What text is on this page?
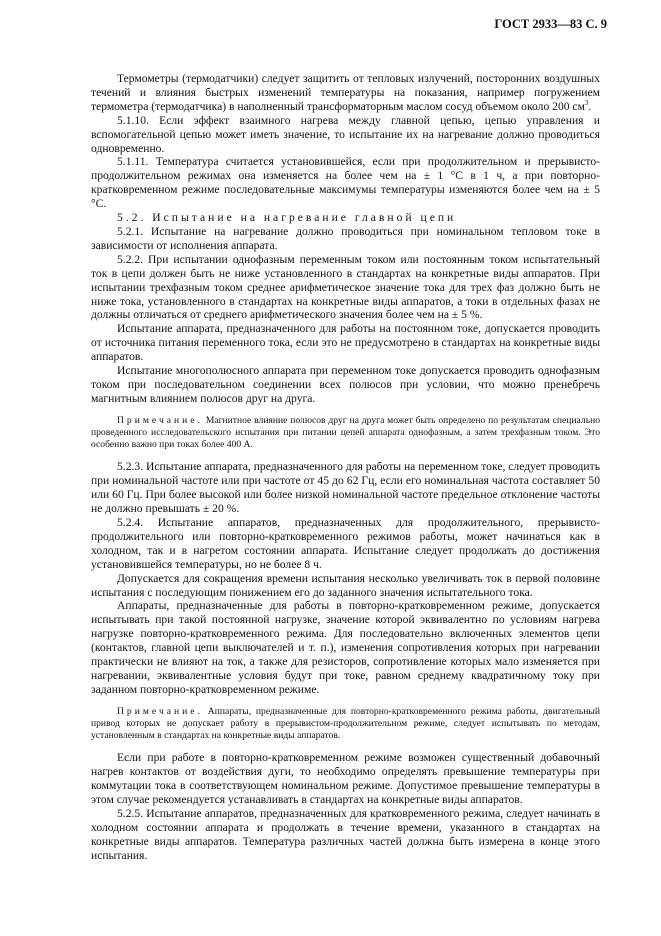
ГОСТ 2933—83 С. 9

Термометры (термодатчики) следует защитить от тепловых излучений, посторонних воздушных течений и влияния быстрых изменений температуры на показания, например погружением термометра (термодатчика) в наполненный трансформаторным маслом сосуд объемом около 200 $см^3$.

5.1.10. Если эффект взаимного нагрева между главной цепью, цепью управления и вспомогательной цепью может иметь значение, то испытание их на нагревание должно проводиться одновременно.

5.1.11. Температура считается установившейся, если при продолжительном и прерывисто-продолжительном режимах она изменяется на более чем на ± 1 °C в 1 ч, а при повторно-кратковременном режиме последовательные максимумы температуры изменяются более чем на ± 5 °C.

5.2. Испытание на нагревание главной цепи

5.2.1. Испытание на нагревание должно проводиться при номинальном тепловом токе в зависимости от исполнения аппарата.

5.2.2. При испытании однофазным переменным током или постоянным током испытательный ток в цепи должен быть не ниже установленного в стандартах на конкретные виды аппаратов. При испытании трехфазным током среднее арифметическое значение тока для трех фаз должно быть не ниже тока, установленного в стандартах на конкретные виды аппаратов, а токи в отдельных фазах не должны отличаться от среднего арифметического значения более чем на ± 5 %.

Испытание аппарата, предназначенного для работы на постоянном токе, допускается проводить от источника питания переменного тока, если это не предусмотрено в стандартах на конкретные виды аппаратов.

Испытание многополюсного аппарата при переменном токе допускается проводить однофазным током при последовательном соединении всех полюсов при условии, что можно пренебречь магнитным влиянием полюсов друг на друга.

Примечание. Магнитное влияние полюсов друг на друга может быть определено по результатам специально проведенного исследовательского испытания при питании цепей аппарата однофазным, а затем трехфазным током. Это особенно важно при токах более 400 А.

5.2.3. Испытание аппарата, предназначенного для работы на переменном токе, следует проводить при номинальной частоте или при частоте от 45 до 62 Гц, если его номинальная частота составляет 50 или 60 Гц. При более высокой или более низкой номинальной частоте предельное отклонение частоты не должно превышать ± 20 %.

5.2.4. Испытание аппаратов, предназначенных для продолжительного, прерывисто-продолжительного или повторно-кратковременного режимов работы, может начинаться как в холодном, так и в нагретом состоянии аппарата. Испытание следует продолжать до достижения установившейся температуры, но не более 8 ч.

Допускается для сокращения времени испытания несколько увеличивать ток в первой половине испытания с последующим понижением его до заданного значения испытательного тока.

Аппараты, предназначенные для работы в повторно-кратковременном режиме, допускается испытывать при такой постоянной нагрузке, значение которой эквивалентно по условиям нагрева нагрузке повторно-кратковременного режима. Для последовательно включенных элементов цепи (контактов, главной цепи выключателей и т. п.), изменения сопротивления которых при нагревании практически не влияют на ток, а также для резисторов, сопротивление которых мало изменяется при нагревании, эквивалентные условия будут при токе, равном среднему квадратичному току при заданном повторно-кратковременном режиме.

Примечание. Аппараты, предназначенные для повторно-кратковременного режима работы, двигательный привод которых не допускает работу в прерывистом-продолжительном режиме, следует испытывать по методам, установленным в стандартах на конкретные виды аппаратов.

Если при работе в повторно-кратковременном режиме возможен существенный добавочный нагрев контактов от воздействия дуги, то необходимо определять превышение температуры при коммутации тока в соответствующем номинальном режиме. Допустимое превышение температуры в этом случае рекомендуется устанавливать в стандартах на конкретные виды аппаратов.

5.2.5. Испытание аппаратов, предназначенных для кратковременного режима, следует начинать в холодном состоянии аппарата и продолжать в течение времени, указанного в стандартах на конкретные виды аппаратов. Температура различных частей должна быть измерена в конце этого испытания.
